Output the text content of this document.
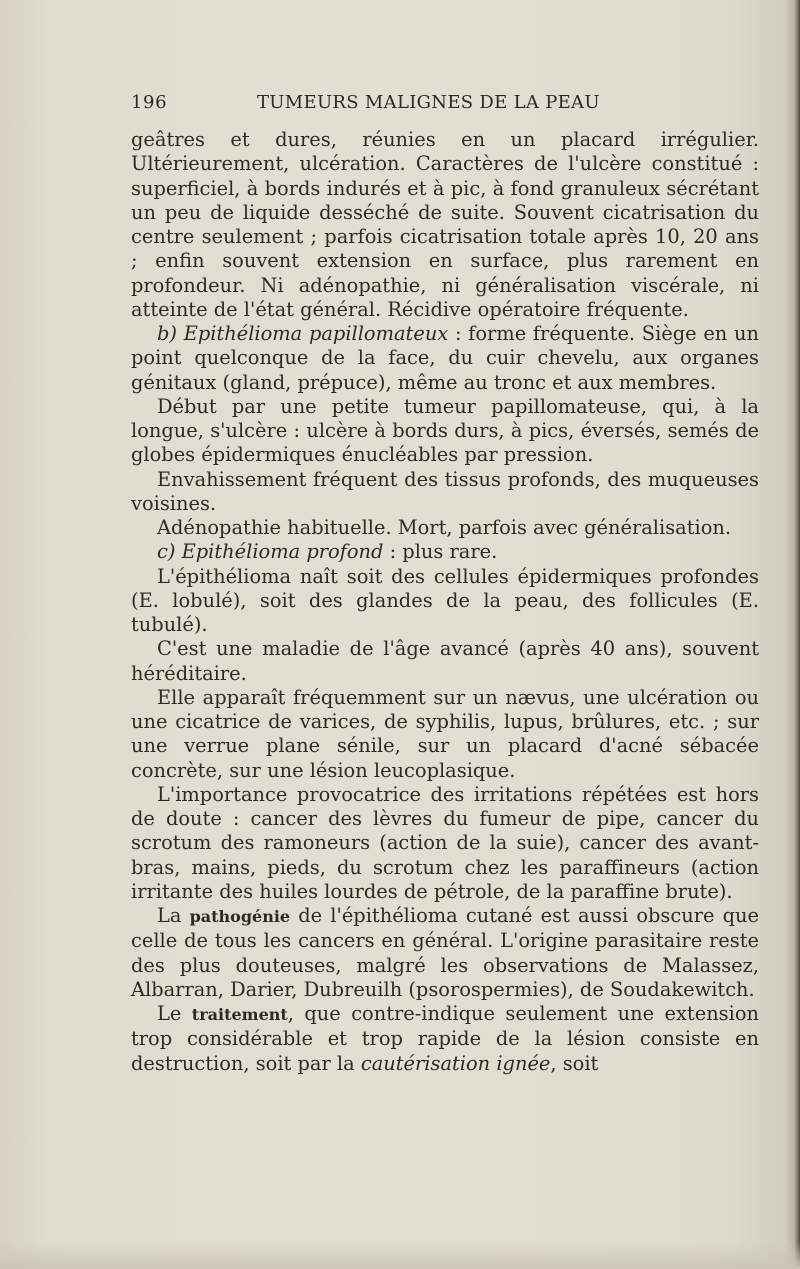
196	TUMEURS MALIGNES DE LA PEAU

geâtres et dures, réunies en un placard irrégulier. Ultérieurement, ulcération. Caractères de l'ulcère constitué : superficiel, à bords indurés et à pic, à fond granuleux sécrétant un peu de liquide desséché de suite. Souvent cicatrisation du centre seulement ; parfois cicatrisation totale après 10, 20 ans ; enfin souvent extension en surface, plus rarement en profondeur. Ni adénopathie, ni généralisation viscérale, ni atteinte de l'état général. Récidive opératoire fréquente.

b) Epithélioma papillomateux : forme fréquente. Siège en un point quelconque de la face, du cuir chevelu, aux organes génitaux (gland, prépuce), même au tronc et aux membres.

Début par une petite tumeur papillomateuse, qui, à la longue, s'ulcère : ulcère à bords durs, à pics, éversés, semés de globes épidermiques énucléables par pression.

Envahissement fréquent des tissus profonds, des muqueuses voisines.

Adénopathie habituelle. Mort, parfois avec généralisation.

c) Epithélioma profond : plus rare.

L'épithélioma naît soit des cellules épidermiques profondes (E. lobulé), soit des glandes de la peau, des follicules (E. tubulé).

C'est une maladie de l'âge avancé (après 40 ans), souvent héréditaire.

Elle apparaît fréquemment sur un nævus, une ulcération ou une cicatrice de varices, de syphilis, lupus, brûlures, etc. ; sur une verrue plane sénile, sur un placard d'acné sébacée concrète, sur une lésion leucoplasique.

L'importance provocatrice des irritations répétées est hors de doute : cancer des lèvres du fumeur de pipe, cancer du scrotum des ramoneurs (action de la suie), cancer des avant-bras, mains, pieds, du scrotum chez les paraffineurs (action irritante des huiles lourdes de pétrole, de la paraffine brute).

La pathogénie de l'épithélioma cutané est aussi obscure que celle de tous les cancers en général. L'origine parasitaire reste des plus douteuses, malgré les observations de Malassez, Albarran, Darier, Dubreuilh (psorospermies), de Soudakewitch.

Le traitement, que contre-indique seulement une extension trop considérable et trop rapide de la lésion consiste en destruction, soit par la cautérisation ignée, soit
